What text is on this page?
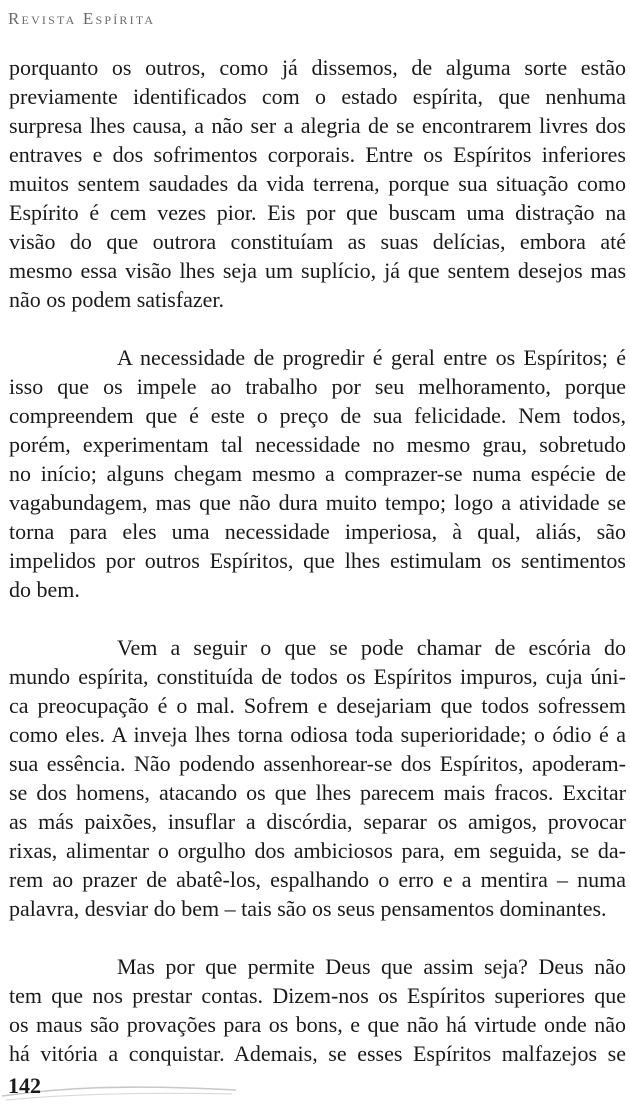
Revista Espírita

porquanto os outros, como já dissemos, de alguma sorte estão
previamente identificados com o estado espírita, que nenhuma
surpresa lhes causa, a não ser a alegria de se encontrarem livres dos
entraves e dos sofrimentos corporais. Entre os Espíritos inferiores
muitos sentem saudades da vida terrena, porque sua situação como
Espírito é cem vezes pior. Eis por que buscam uma distração na
visão do que outrora constituíam as suas delícias, embora até
mesmo essa visão lhes seja um suplício, já que sentem desejos mas
não os podem satisfazer.

A necessidade de progredir é geral entre os Espíritos; é
isso que os impele ao trabalho por seu melhoramento, porque
compreendem que é este o preço de sua felicidade. Nem todos,
porém, experimentam tal necessidade no mesmo grau, sobretudo
no início; alguns chegam mesmo a comprazer-se numa espécie de
vagabundagem, mas que não dura muito tempo; logo a atividade se
torna para eles uma necessidade imperiosa, à qual, aliás, são
impelidos por outros Espíritos, que lhes estimulam os sentimentos
do bem.

Vem a seguir o que se pode chamar de escória do
mundo espírita, constituída de todos os Espíritos impuros, cuja úni-
ca preocupação é o mal. Sofrem e desejariam que todos sofressem
como eles. A inveja lhes torna odiosa toda superioridade; o ódio é a
sua essência. Não podendo assenhorear-se dos Espíritos, apoderam-
se dos homens, atacando os que lhes parecem mais fracos. Excitar
as más paixões, insuflar a discórdia, separar os amigos, provocar
rixas, alimentar o orgulho dos ambiciosos para, em seguida, se da-
rem ao prazer de abatê-los, espalhando o erro e a mentira – numa
palavra, desviar do bem – tais são os seus pensamentos dominantes.

Mas por que permite Deus que assim seja? Deus não
tem que nos prestar contas. Dizem-nos os Espíritos superiores que
os maus são provações para os bons, e que não há virtude onde não
há vitória a conquistar. Ademais, se esses Espíritos malfazejos se

142
